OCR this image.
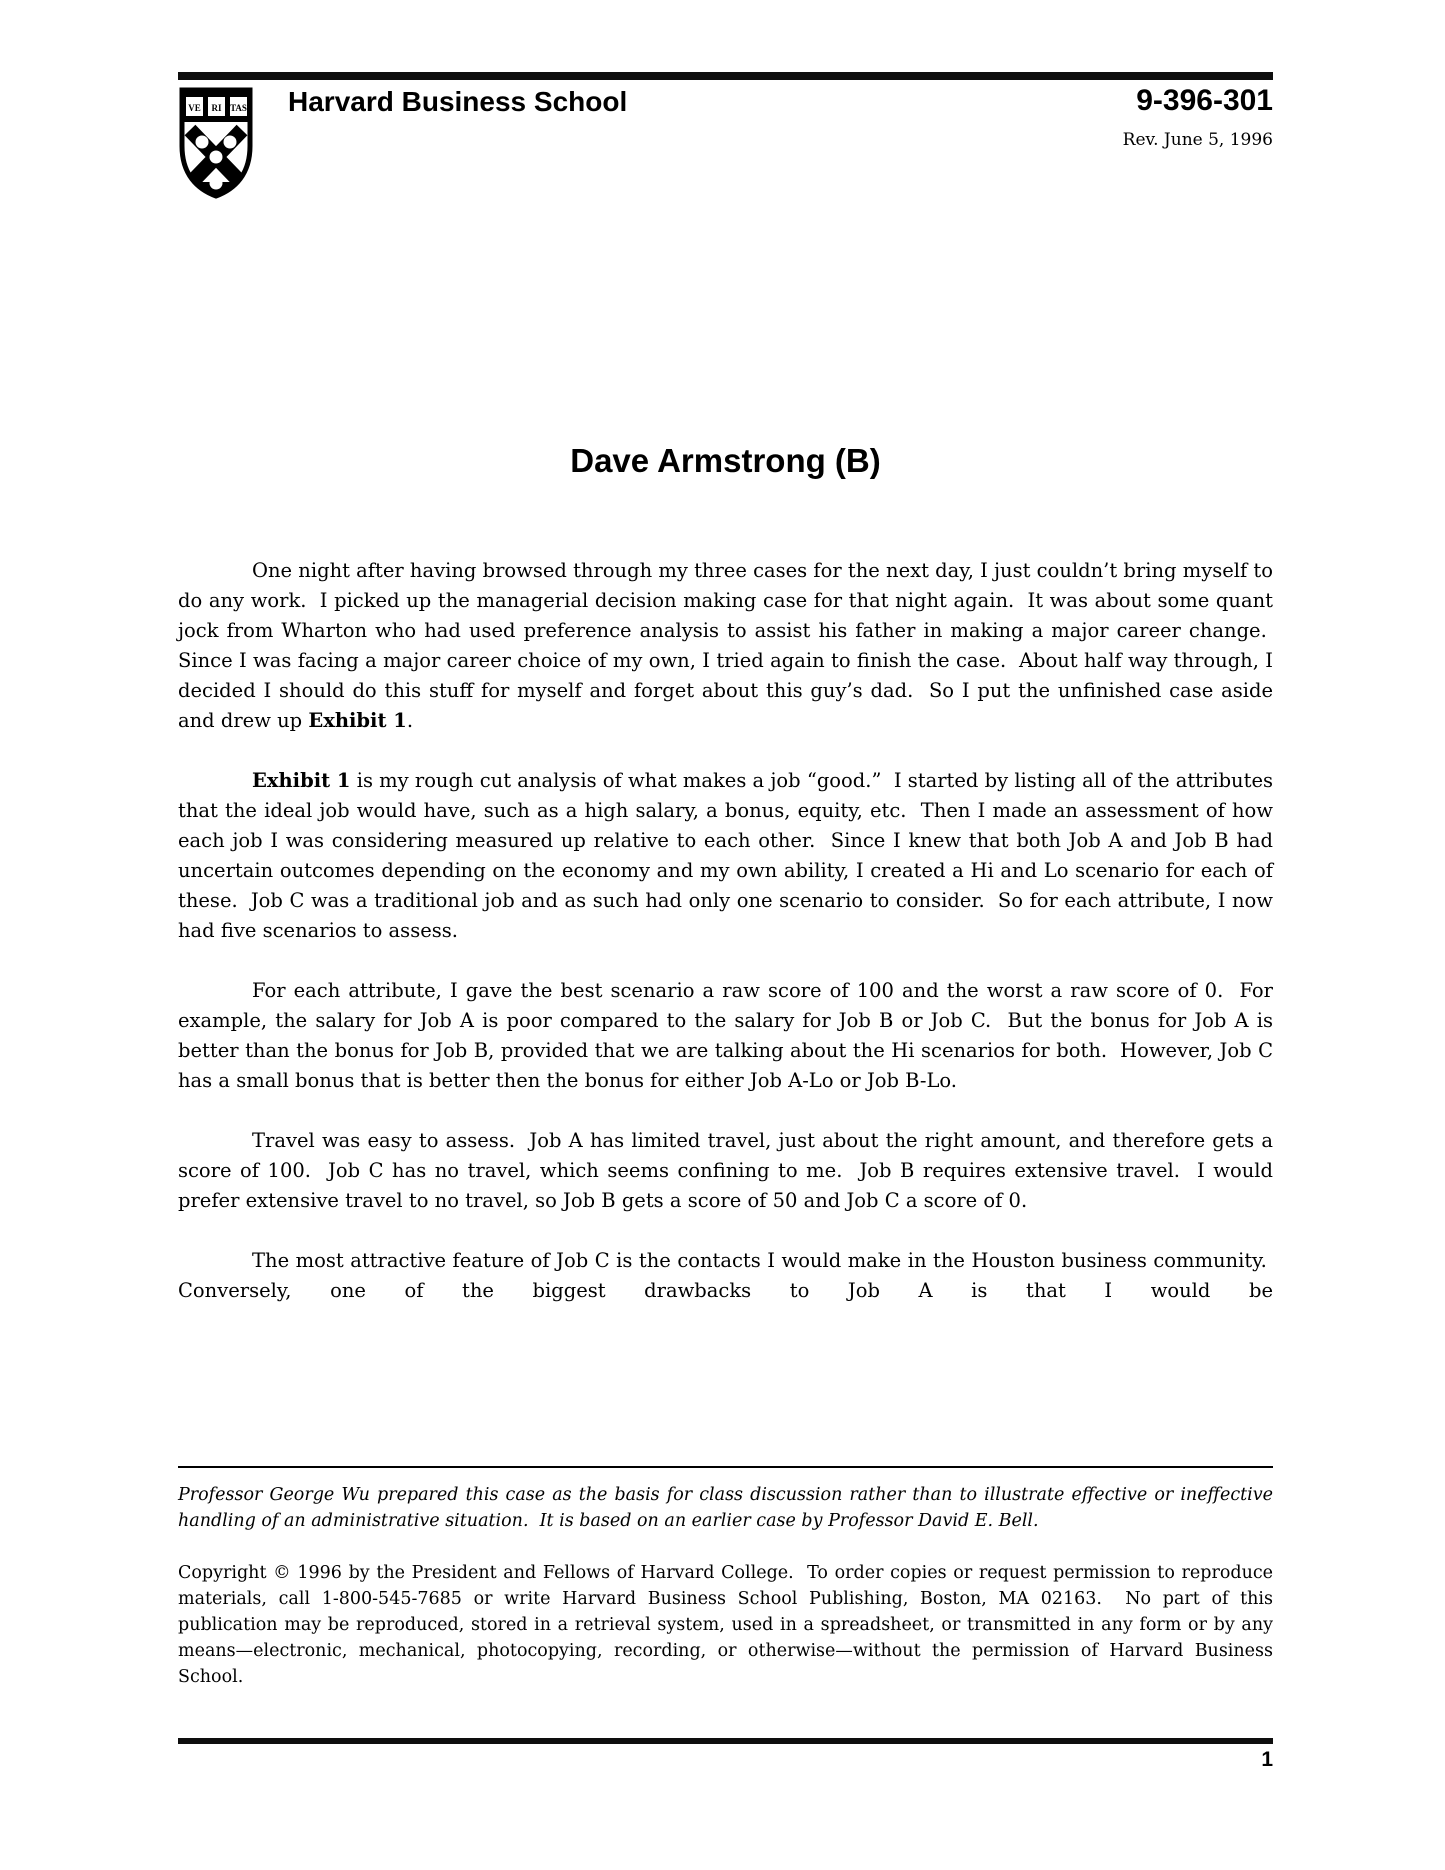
VE RI TAS Harvard Business School	9-396-301
Rev. June 5, 1996
Dave Armstrong (B)

One night after having browsed through my three cases for the next day, I just couldn’t bring myself to do any work.  I picked up the managerial decision making case for that night again.  It was about some quant jock from Wharton who had used preference analysis to assist his father in making a major career change.  Since I was facing a major career choice of my own, I tried again to finish the case.  About half way through, I decided I should do this stuff for myself and forget about this guy’s dad.  So I put the unfinished case aside and drew up Exhibit 1.

Exhibit 1 is my rough cut analysis of what makes a job “good.”  I started by listing all of the attributes that the ideal job would have, such as a high salary, a bonus, equity, etc.  Then I made an assessment of how each job I was considering measured up relative to each other.  Since I knew that both Job A and Job B had uncertain outcomes depending on the economy and my own ability, I created a Hi and Lo scenario for each of these.  Job C was a traditional job and as such had only one scenario to consider.  So for each attribute, I now had five scenarios to assess.

For each attribute, I gave the best scenario a raw score of 100 and the worst a raw score of 0.  For example, the salary for Job A is poor compared to the salary for Job B or Job C.  But the bonus for Job A is better than the bonus for Job B, provided that we are talking about the Hi scenarios for both.  However, Job C has a small bonus that is better then the bonus for either Job A-Lo or Job B-Lo.

Travel was easy to assess.  Job A has limited travel, just about the right amount, and therefore gets a score of 100.  Job C has no travel, which seems confining to me.  Job B requires extensive travel.  I would prefer extensive travel to no travel, so Job B gets a score of 50 and Job C a score of 0.

The most attractive feature of Job C is the contacts I would make in the Houston business community.  Conversely, one of the biggest drawbacks to Job A is that I would be

Professor George Wu prepared this case as the basis for class discussion rather than to illustrate effective or ineffective handling of an administrative situation.  It is based on an earlier case by Professor David E. Bell.

Copyright © 1996 by the President and Fellows of Harvard College.  To order copies or request permission to reproduce materials, call 1-800-545-7685 or write Harvard Business School Publishing, Boston, MA 02163.  No part of this publication may be reproduced, stored in a retrieval system, used in a spreadsheet, or transmitted in any form or by any means—electronic, mechanical, photocopying, recording, or otherwise—without the permission of Harvard Business School.

1
